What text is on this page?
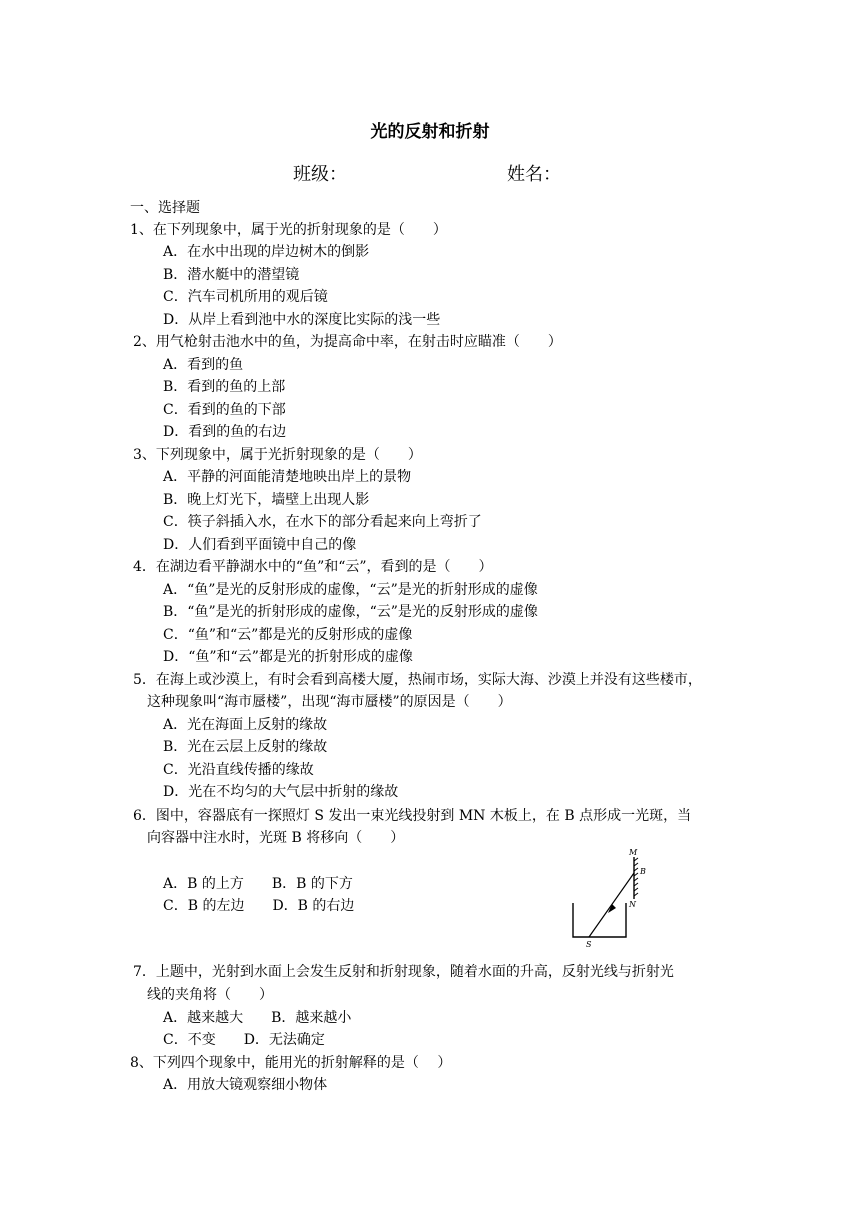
光的反射和折射
班级：	姓名：
一、选择题
1、在下列现象中，属于光的折射现象的是（　　）
A．在水中出现的岸边树木的倒影
B．潜水艇中的潜望镜
C．汽车司机所用的观后镜
D．从岸上看到池中水的深度比实际的浅一些
2、用气枪射击池水中的鱼，为提高命中率，在射击时应瞄准（　　）
A．看到的鱼
B．看到的鱼的上部
C．看到的鱼的下部
D．看到的鱼的右边
3、下列现象中，属于光折射现象的是（　　）
A．平静的河面能清楚地映出岸上的景物
B．晚上灯光下，墙壁上出现人影
C．筷子斜插入水，在水下的部分看起来向上弯折了
D．人们看到平面镜中自己的像
4．在湖边看平静湖水中的“鱼”和“云”，看到的是（　　）
A．“鱼”是光的反射形成的虚像，“云”是光的折射形成的虚像
B．“鱼”是光的折射形成的虚像，“云”是光的反射形成的虚像
C．“鱼”和“云”都是光的反射形成的虚像
D．“鱼”和“云”都是光的折射形成的虚像
5．在海上或沙漠上，有时会看到高楼大厦，热闹市场，实际大海、沙漠上并没有这些楼市，
这种现象叫“海市蜃楼”，出现“海市蜃楼”的原因是（　　）
A．光在海面上反射的缘故
B．光在云层上反射的缘故
C．光沿直线传播的缘故
D．光在不均匀的大气层中折射的缘故
6．图中，容器底有一探照灯 S 发出一束光线投射到 MN 木板上，在 B 点形成一光斑，当
向容器中注水时，光斑 B 将移向（　　）
A．B 的上方　　B．B 的下方
C．B 的左边　　D．B 的右边
M
B
N
S
7．上题中，光射到水面上会发生反射和折射现象，随着水面的升高，反射光线与折射光
线的夹角将（　　）
A．越来越大　　B．越来越小
C．不变　　D．无法确定
8、下列四个现象中，能用光的折射解释的是（　 ）
A．用放大镜观察细小物体
